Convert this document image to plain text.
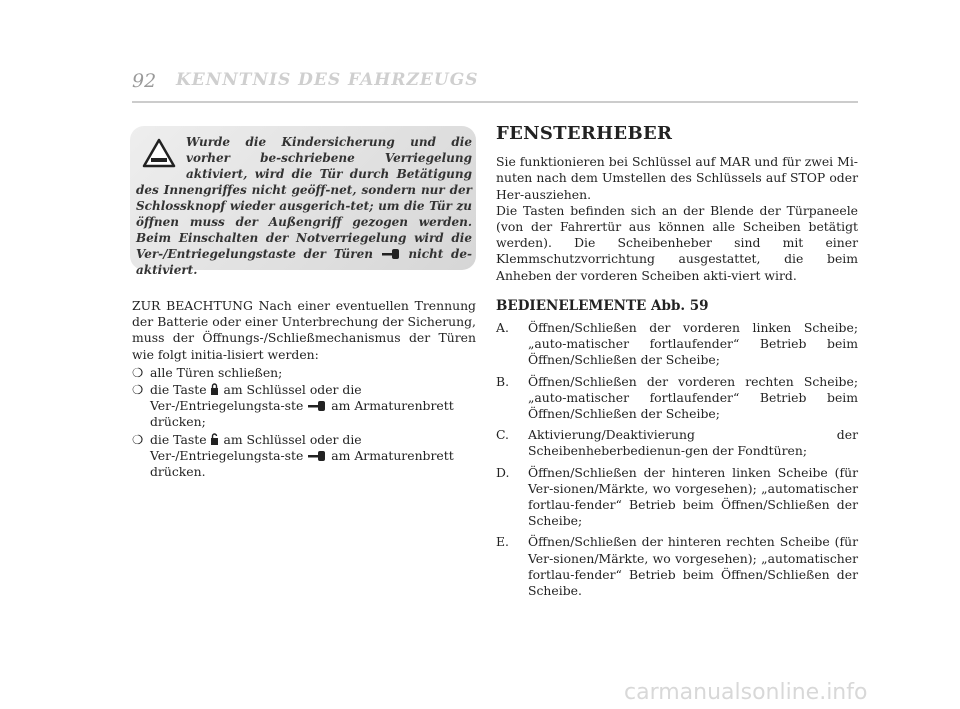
92 KENNTNIS DES FAHRZEUGS
Wurde die Kindersicherung und die vorher be-schriebene Verriegelung aktiviert, wird die Tür durch Betätigung des Innengriffes nicht geöff-net, sondern nur der Schlossknopf wieder ausgerich-tet; um die Tür zu öffnen muss der Außengriff gezogen werden. Beim Einschalten der Notverriegelung wird die Ver-/Entriegelungstaste der Türen	nicht de-aktiviert.

ZUR BEACHTUNG Nach einer eventuellen Trennung der Batterie oder einer Unterbrechung der Sicherung, muss der Öffnungs-/Schließmechanismus der Türen wie folgt initia-lisiert werden:

❍ alle Türen schließen;
❍ die Taste am Schlüssel oder die Ver-/Entriegelungsta-ste am Armaturenbrett drücken;
❍ die Taste am Schlüssel oder die Ver-/Entriegelungsta-ste am Armaturenbrett drücken.
FENSTERHEBER

Sie funktionieren bei Schlüssel auf MAR und für zwei Mi-nuten nach dem Umstellen des Schlüssels auf STOP oder Her-ausziehen.

Die Tasten befinden sich an der Blende der Türpaneele (von der Fahrertür aus können alle Scheiben betätigt werden). Die Scheibenheber sind mit einer Klemmschutzvorrichtung ausgestattet, die beim Anheben der vorderen Scheiben akti-viert wird.

BEDIENELEMENTE Abb. 59
A. Öffnen/Schließen der vorderen linken Scheibe; „auto-matischer fortlaufender“ Betrieb beim Öffnen/Schließen der Scheibe;
B. Öffnen/Schließen der vorderen rechten Scheibe; „auto-matischer fortlaufender“ Betrieb beim Öffnen/Schließen der Scheibe;
C. Aktivierung/Deaktivierung der Scheibenheberbedienun-gen der Fondtüren;
D. Öffnen/Schließen der hinteren linken Scheibe (für Ver-sionen/Märkte, wo vorgesehen); „automatischer fortlau-fender“ Betrieb beim Öffnen/Schließen der Scheibe;
E. Öffnen/Schließen der hinteren rechten Scheibe (für Ver-sionen/Märkte, wo vorgesehen); „automatischer fortlau-fender“ Betrieb beim Öffnen/Schließen der Scheibe.
carmanualsonline.info
